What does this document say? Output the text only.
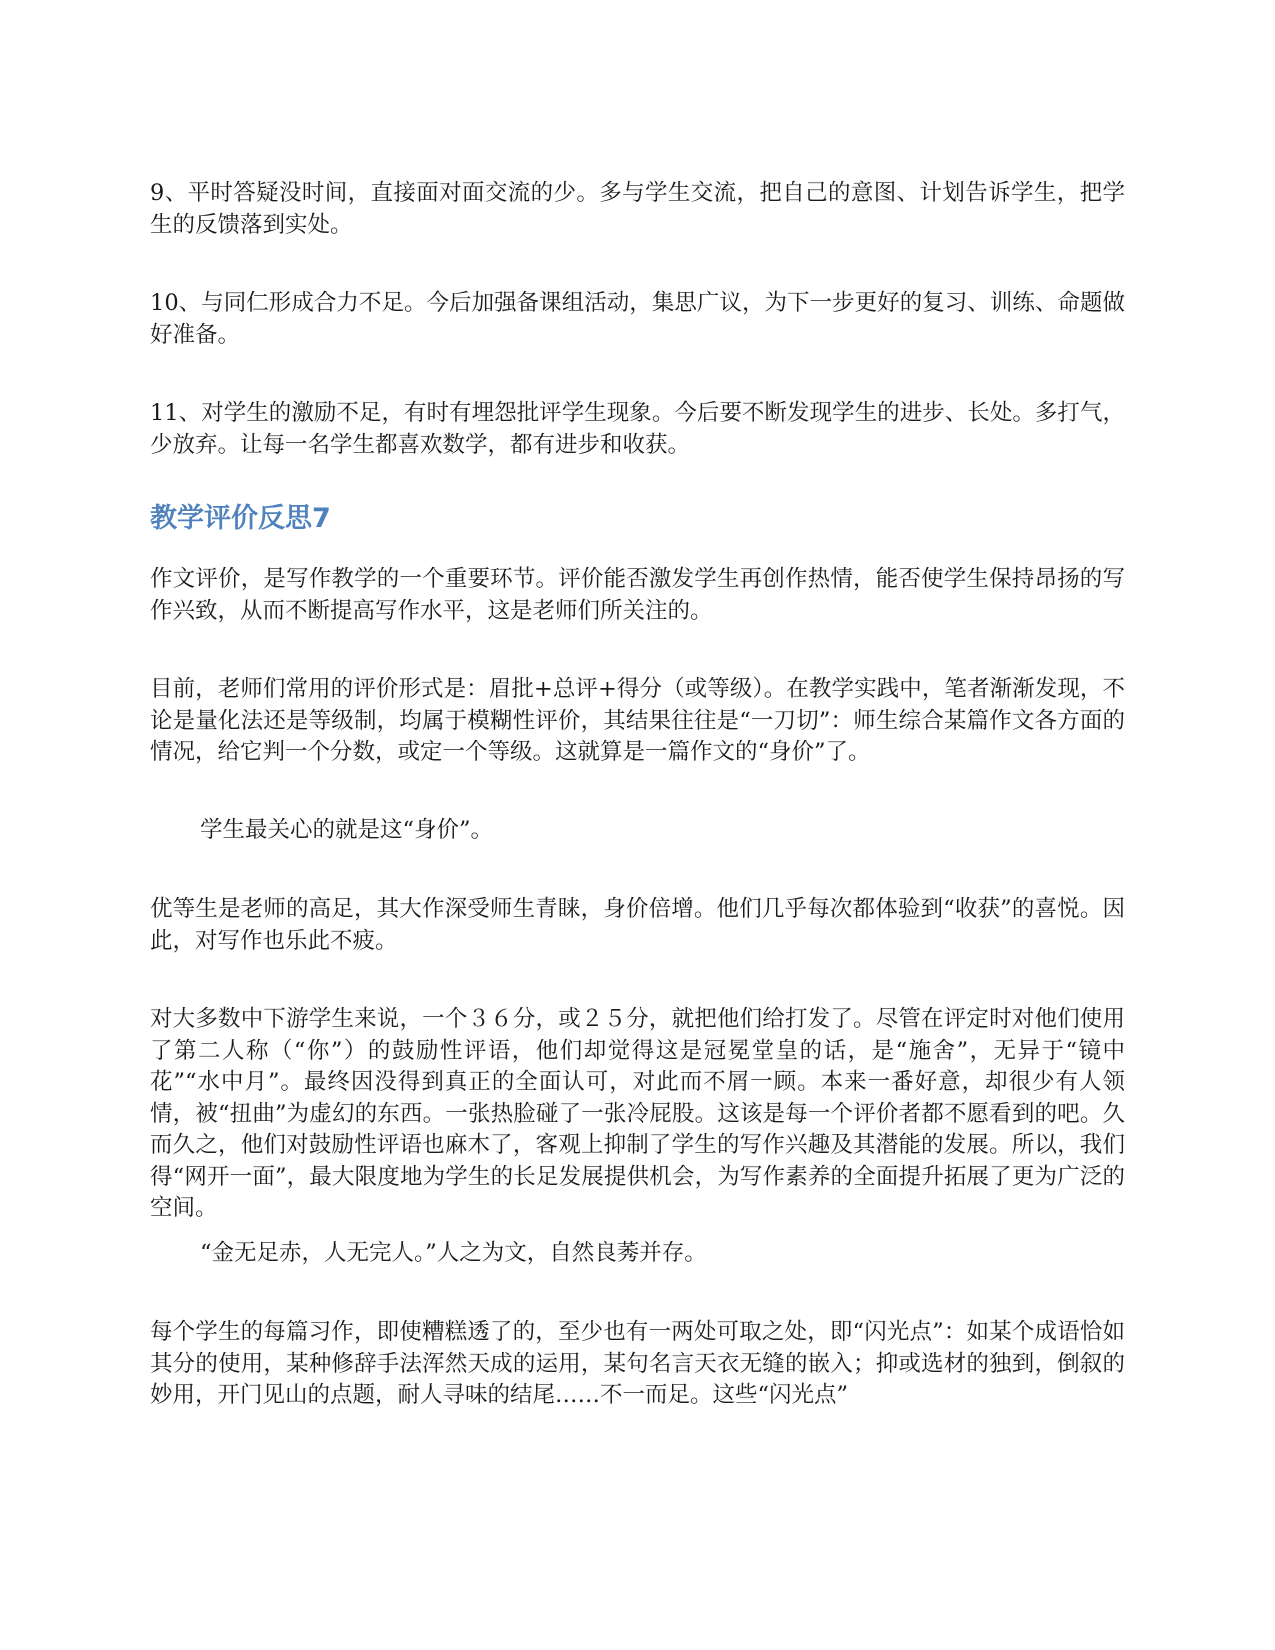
9、平时答疑没时间，直接面对面交流的少。多与学生交流，把自己的意图、计划告诉学生，把学生的反馈落到实处。

10、与同仁形成合力不足。今后加强备课组活动，集思广议，为下一步更好的复习、训练、命题做好准备。

11、对学生的激励不足，有时有埋怨批评学生现象。今后要不断发现学生的进步、长处。多打气，少放弃。让每一名学生都喜欢数学，都有进步和收获。

教学评价反思7

作文评价，是写作教学的一个重要环节。评价能否激发学生再创作热情，能否使学生保持昂扬的写作兴致，从而不断提高写作水平，这是老师们所关注的。

目前，老师们常用的评价形式是：眉批+总评+得分（或等级）。在教学实践中，笔者渐渐发现，不论是量化法还是等级制，均属于模糊性评价，其结果往往是“一刀切”：师生综合某篇作文各方面的情况，给它判一个分数，或定一个等级。这就算是一篇作文的“身价”了。

学生最关心的就是这“身价”。

优等生是老师的高足，其大作深受师生青睐，身价倍增。他们几乎每次都体验到“收获”的喜悦。因此，对写作也乐此不疲。

对大多数中下游学生来说，一个３６分，或２５分，就把他们给打发了。尽管在评定时对他们使用了第二人称（“你”）的鼓励性评语，他们却觉得这是冠冕堂皇的话，是“施舍”，无异于“镜中花”“水中月”。最终因没得到真正的全面认可，对此而不屑一顾。本来一番好意，却很少有人领情，被“扭曲”为虚幻的东西。一张热脸碰了一张冷屁股。这该是每一个评价者都不愿看到的吧。久而久之，他们对鼓励性评语也麻木了，客观上抑制了学生的写作兴趣及其潜能的发展。所以，我们得“网开一面”，最大限度地为学生的长足发展提供机会，为写作素养的全面提升拓展了更为广泛的空间。

“金无足赤，人无完人。”人之为文，自然良莠并存。

每个学生的每篇习作，即使糟糕透了的，至少也有一两处可取之处，即“闪光点”：如某个成语恰如其分的使用，某种修辞手法浑然天成的运用，某句名言天衣无缝的嵌入；抑或选材的独到，倒叙的妙用，开门见山的点题，耐人寻味的结尾……不一而足。这些“闪光点”
